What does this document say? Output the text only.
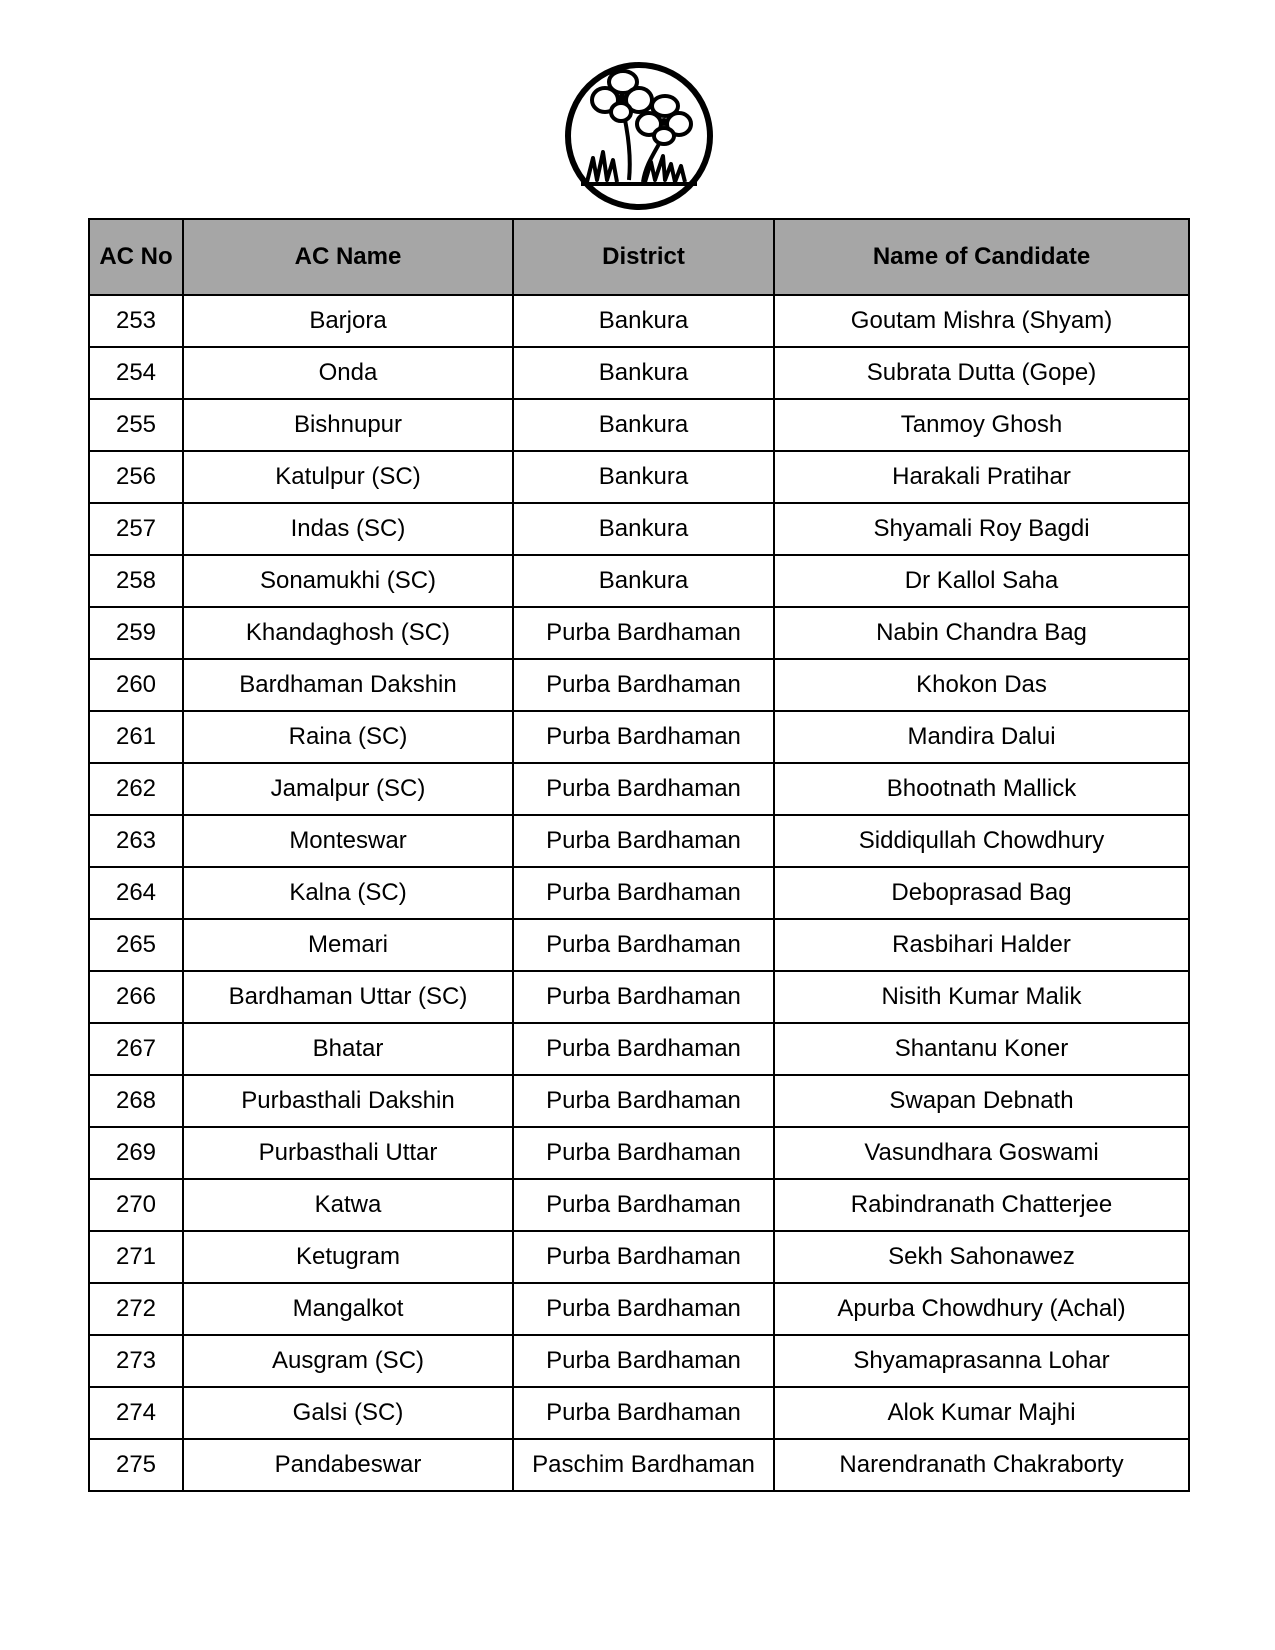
AC No	AC Name	District	Name of Candidate
253	Barjora	Bankura	Goutam Mishra (Shyam)
254	Onda	Bankura	Subrata Dutta (Gope)
255	Bishnupur	Bankura	Tanmoy Ghosh
256	Katulpur (SC)	Bankura	Harakali Pratihar
257	Indas (SC)	Bankura	Shyamali Roy Bagdi
258	Sonamukhi (SC)	Bankura	Dr Kallol Saha
259	Khandaghosh (SC)	Purba Bardhaman	Nabin Chandra Bag
260	Bardhaman Dakshin	Purba Bardhaman	Khokon Das
261	Raina (SC)	Purba Bardhaman	Mandira Dalui
262	Jamalpur (SC)	Purba Bardhaman	Bhootnath Mallick
263	Monteswar	Purba Bardhaman	Siddiqullah Chowdhury
264	Kalna (SC)	Purba Bardhaman	Deboprasad Bag
265	Memari	Purba Bardhaman	Rasbihari Halder
266	Bardhaman Uttar (SC)	Purba Bardhaman	Nisith Kumar Malik
267	Bhatar	Purba Bardhaman	Shantanu Koner
268	Purbasthali Dakshin	Purba Bardhaman	Swapan Debnath
269	Purbasthali Uttar	Purba Bardhaman	Vasundhara Goswami
270	Katwa	Purba Bardhaman	Rabindranath Chatterjee
271	Ketugram	Purba Bardhaman	Sekh Sahonawez
272	Mangalkot	Purba Bardhaman	Apurba Chowdhury (Achal)
273	Ausgram (SC)	Purba Bardhaman	Shyamaprasanna Lohar
274	Galsi (SC)	Purba Bardhaman	Alok Kumar Majhi
275	Pandabeswar	Paschim Bardhaman	Narendranath Chakraborty
